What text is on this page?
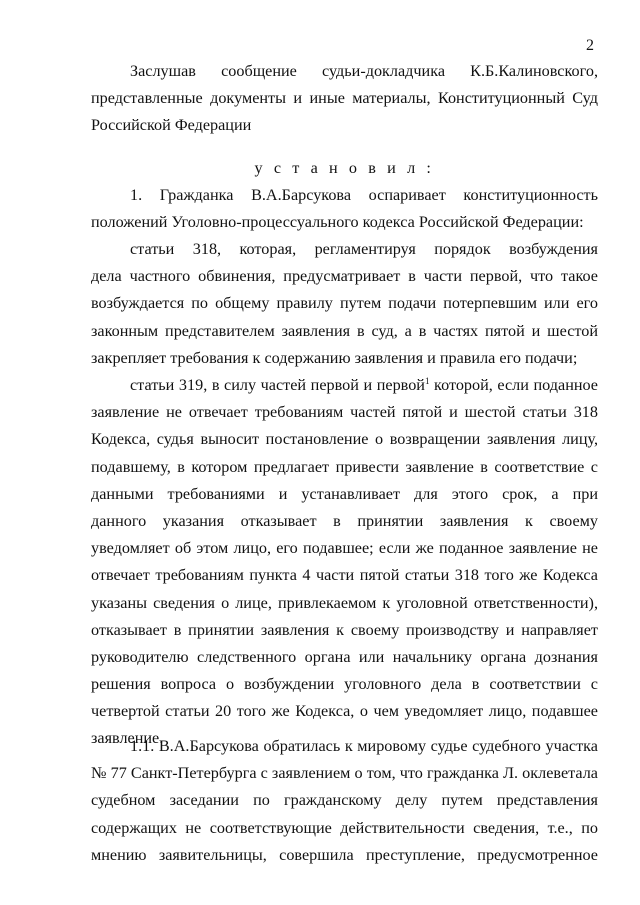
2
Заслушав сообщение судьи-докладчика К.Б.Калиновского,
представленные документы и иные материалы, Конституционный Суд
Российской Федерации
у с т а н о в и л :
1. Гражданка В.А.Барсукова оспаривает конституционность
положений Уголовно-процессуального кодекса Российской Федерации:
статьи 318, которая, регламентируя порядок возбуждения
дела частного обвинения, предусматривает в части первой, что такое
возбуждается по общему правилу путем подачи потерпевшим или его
законным представителем заявления в суд, а в частях пятой и шестой
закрепляет требования к содержанию заявления и правила его подачи;
статьи 319, в силу частей первой и первой$^1$ которой, если поданное
заявление не отвечает требованиям частей пятой и шестой статьи 318
Кодекса, судья выносит постановление о возвращении заявления лицу,
подавшему, в котором предлагает привести заявление в соответствие с
данными требованиями и устанавливает для этого срок, а при
данного указания отказывает в принятии заявления к своему
уведомляет об этом лицо, его подавшее; если же поданное заявление не
отвечает требованиям пункта 4 части пятой статьи 318 того же Кодекса
указаны сведения о лице, привлекаемом к уголовной ответственности),
отказывает в принятии заявления к своему производству и направляет
руководителю следственного органа или начальнику органа дознания
решения вопроса о возбуждении уголовного дела в соответствии с
четвертой статьи 20 того же Кодекса, о чем уведомляет лицо, подавшее
заявление.
1.1. В.А.Барсукова обратилась к мировому судье судебного участка
№ 77 Санкт-Петербурга с заявлением о том, что гражданка Л. оклеветала
судебном заседании по гражданскому делу путем представления
содержащих не соответствующие действительности сведения, т.е., по
мнению заявительницы, совершила преступление, предусмотренное
